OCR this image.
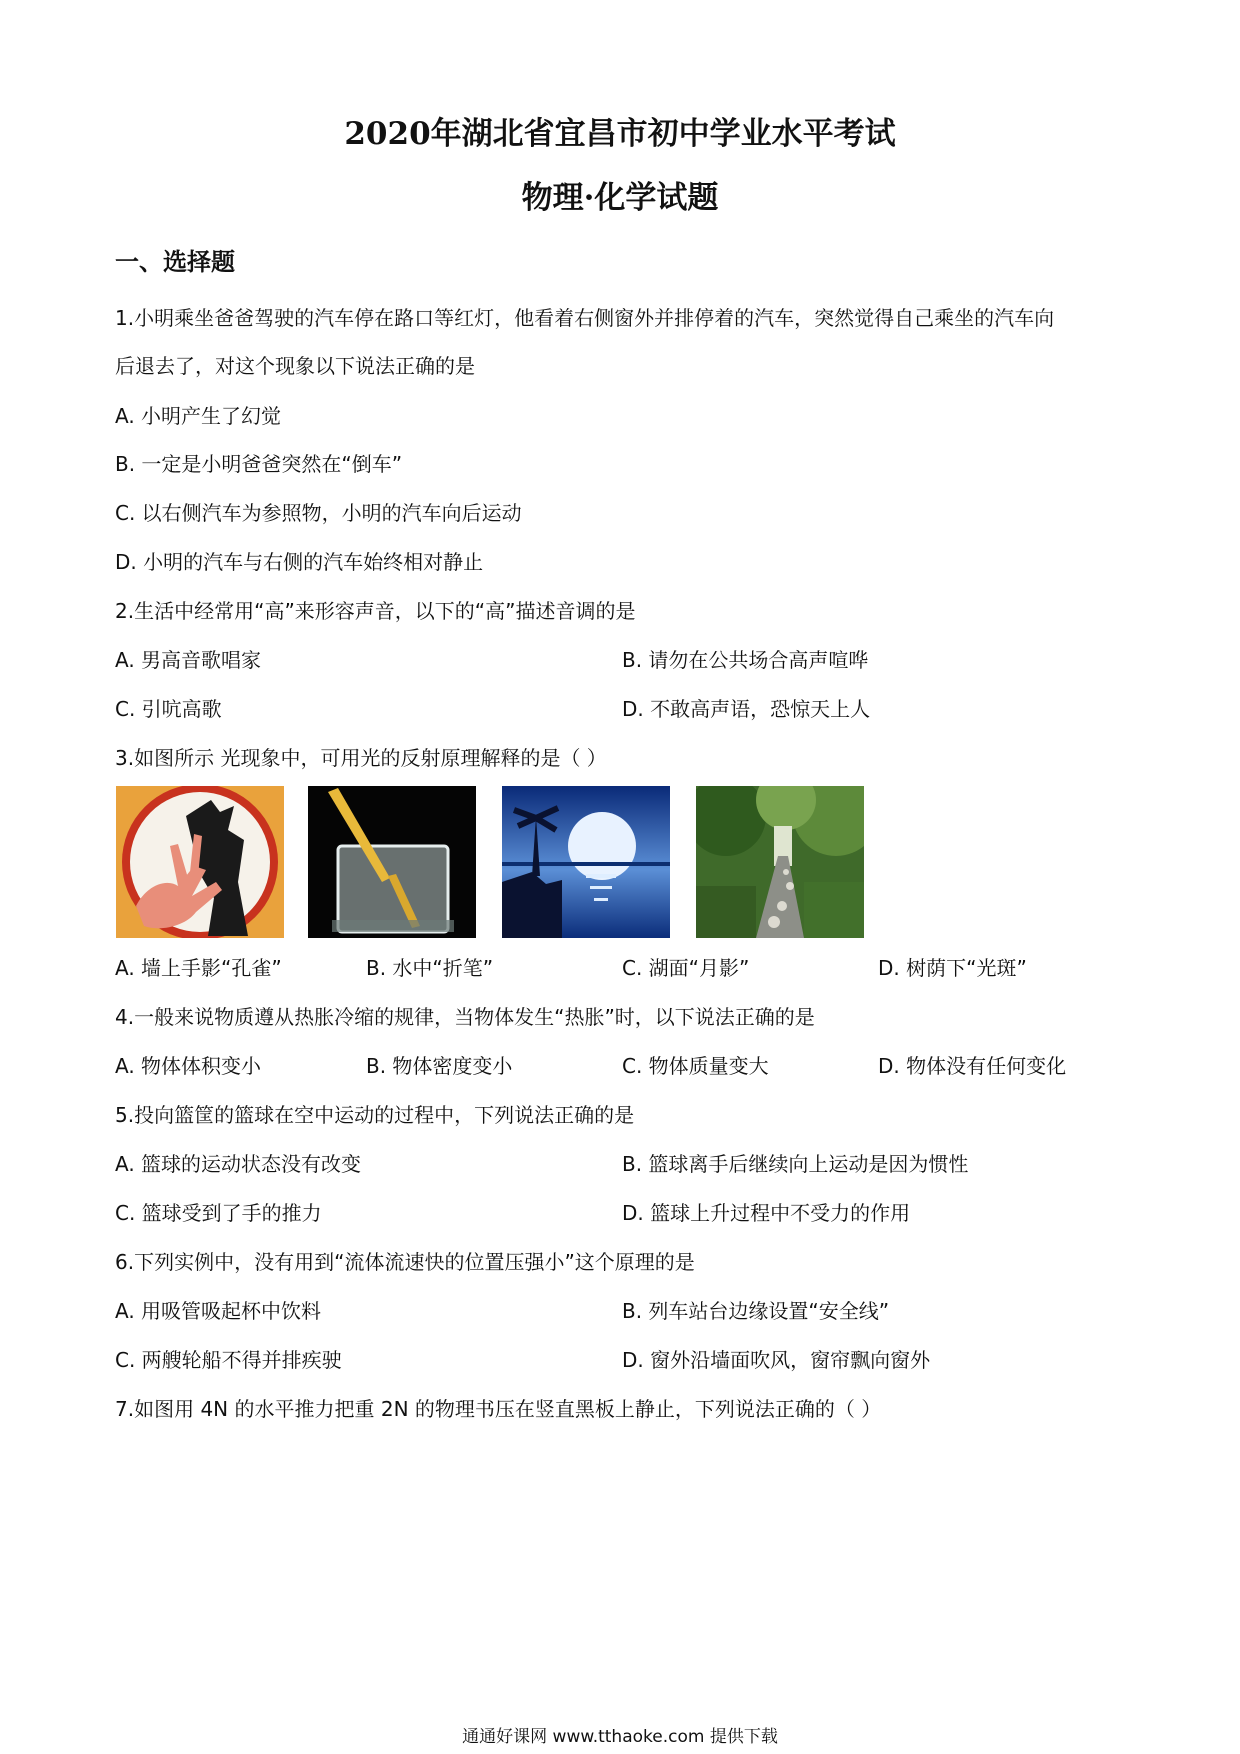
2020年湖北省宜昌市初中学业水平考试
物理·化学试题
一、选择题
1.小明乘坐爸爸驾驶的汽车停在路口等红灯，他看着右侧窗外并排停着的汽车，突然觉得自己乘坐的汽车向
后退去了，对这个现象以下说法正确的是
A. 小明产生了幻觉
B. 一定是小明爸爸突然在“倒车”
C. 以右侧汽车为参照物，小明的汽车向后运动
D. 小明的汽车与右侧的汽车始终相对静止
2.生活中经常用“高”来形容声音，以下的“高”描述音调的是
A. 男高音歌唱家	B. 请勿在公共场合高声喧哗
C. 引吭高歌	D. 不敢高声语，恐惊天上人
3.如图所示 光现象中，可用光的反射原理解释的是（ ）
A. 墙上手影“孔雀”	B. 水中“折笔”	C. 湖面“月影”	D. 树荫下“光斑”
4.一般来说物质遵从热胀冷缩的规律，当物体发生“热胀”时，以下说法正确的是
A. 物体体积变小	B. 物体密度变小	C. 物体质量变大	D. 物体没有任何变化
5.投向篮筐的篮球在空中运动的过程中，下列说法正确的是
A. 篮球的运动状态没有改变	B. 篮球离手后继续向上运动是因为惯性
C. 篮球受到了手的推力	D. 篮球上升过程中不受力的作用
6.下列实例中，没有用到“流体流速快的位置压强小”这个原理的是
A. 用吸管吸起杯中饮料	B. 列车站台边缘设置“安全线”
C. 两艘轮船不得并排疾驶	D. 窗外沿墙面吹风，窗帘飘向窗外
7.如图用 4N 的水平推力把重 2N 的物理书压在竖直黑板上静止，下列说法正确的（ ）
通通好课网 www.tthaoke.com 提供下载
